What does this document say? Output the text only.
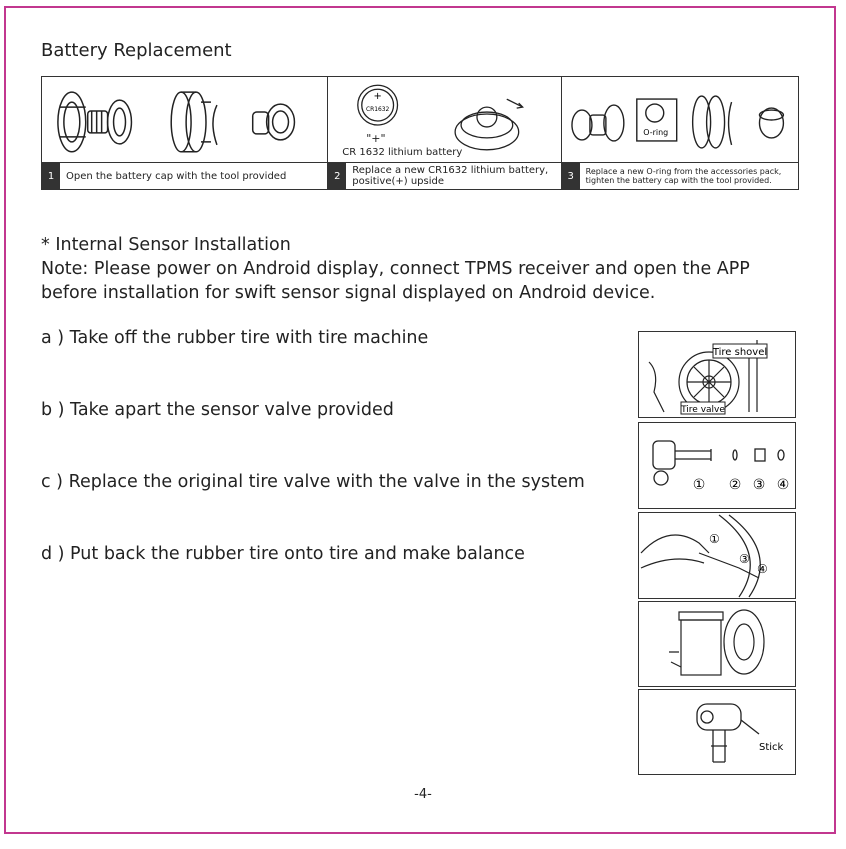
Battery Replacement
1	Open the battery cap with the tool provided
+
CR1632
"+"
CR 1632 lithium battery
2	Replace a new CR1632 lithium battery, positive(+) upside
O-ring
3	Replace a new O-ring from the accessories pack, tighten the battery cap with the tool provided.
* Internal Sensor Installation
Note: Please power on Android display, connect TPMS receiver and open the APP before installation for swift sensor signal displayed on Android device.
a ) Take off the rubber tire with tire machine
b ) Take apart the sensor valve provided
c ) Replace the original tire valve with the valve in the system
d ) Put back the rubber tire onto tire and make balance
Tire shovel
Tire valve
① ② ③ ④
①
③
④
Stick
-4-
